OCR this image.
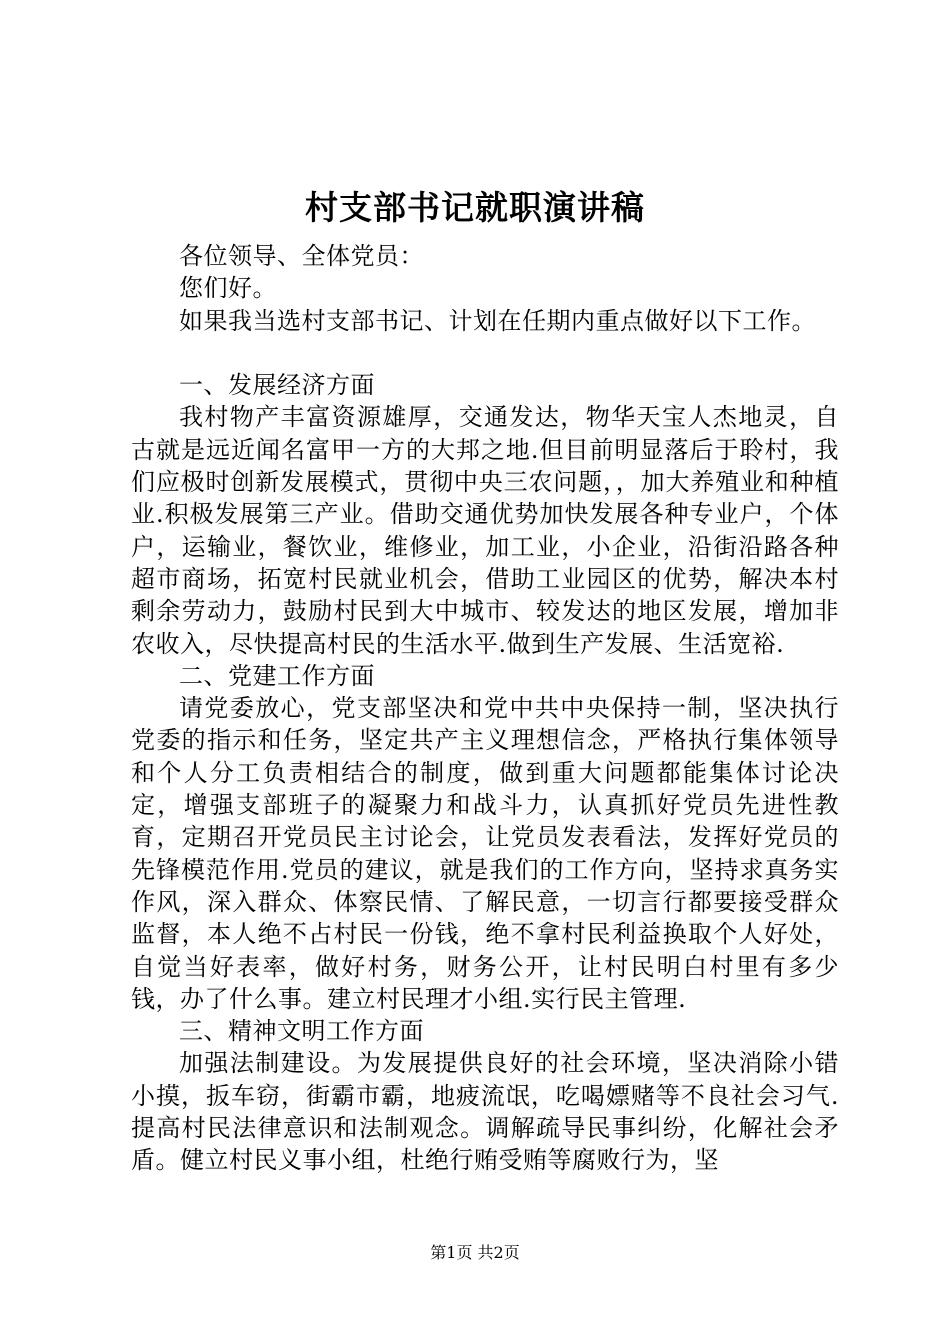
村支部书记就职演讲稿

各位领导、全体党员：

您们好。

如果我当选村支部书记、计划在任期内重点做好以下工作。

一、发展经济方面

我村物产丰富资源雄厚，交通发达，物华天宝人杰地灵，自古就是远近闻名富甲一方的大邦之地.但目前明显落后于聆村，我们应极时创新发展模式，贯彻中央三农问题，，加大养殖业和种植业.积极发展第三产业。借助交通优势加快发展各种专业户，个体户，运输业，餐饮业，维修业，加工业，小企业，沿街沿路各种超市商场，拓宽村民就业机会，借助工业园区的优势，解决本村剩余劳动力，鼓励村民到大中城市、较发达的地区发展，增加非农收入，尽快提高村民的生活水平.做到生产发展、生活宽裕.

二、党建工作方面

请党委放心，党支部坚决和党中共中央保持一制，坚决执行党委的指示和任务，坚定共产主义理想信念，严格执行集体领导和个人分工负责相结合的制度，做到重大问题都能集体讨论决定，增强支部班子的凝聚力和战斗力，认真抓好党员先进性教育，定期召开党员民主讨论会，让党员发表看法，发挥好党员的先锋模范作用.党员的建议，就是我们的工作方向，坚持求真务实作风，深入群众、体察民情、了解民意，一切言行都要接受群众监督，本人绝不占村民一份钱，绝不拿村民利益换取个人好处，自觉当好表率，做好村务，财务公开，让村民明白村里有多少钱，办了什么事。建立村民理才小组.实行民主管理.

三、精神文明工作方面

加强法制建设。为发展提供良好的社会环境，坚决消除小错小摸，扳车窃，街霸市霸，地疲流氓，吃喝嫖赌等不良社会习气.提高村民法律意识和法制观念。调解疏导民事纠纷，化解社会矛盾。健立村民义事小组，杜绝行贿受贿等腐败行为，坚

第1页 共2页
